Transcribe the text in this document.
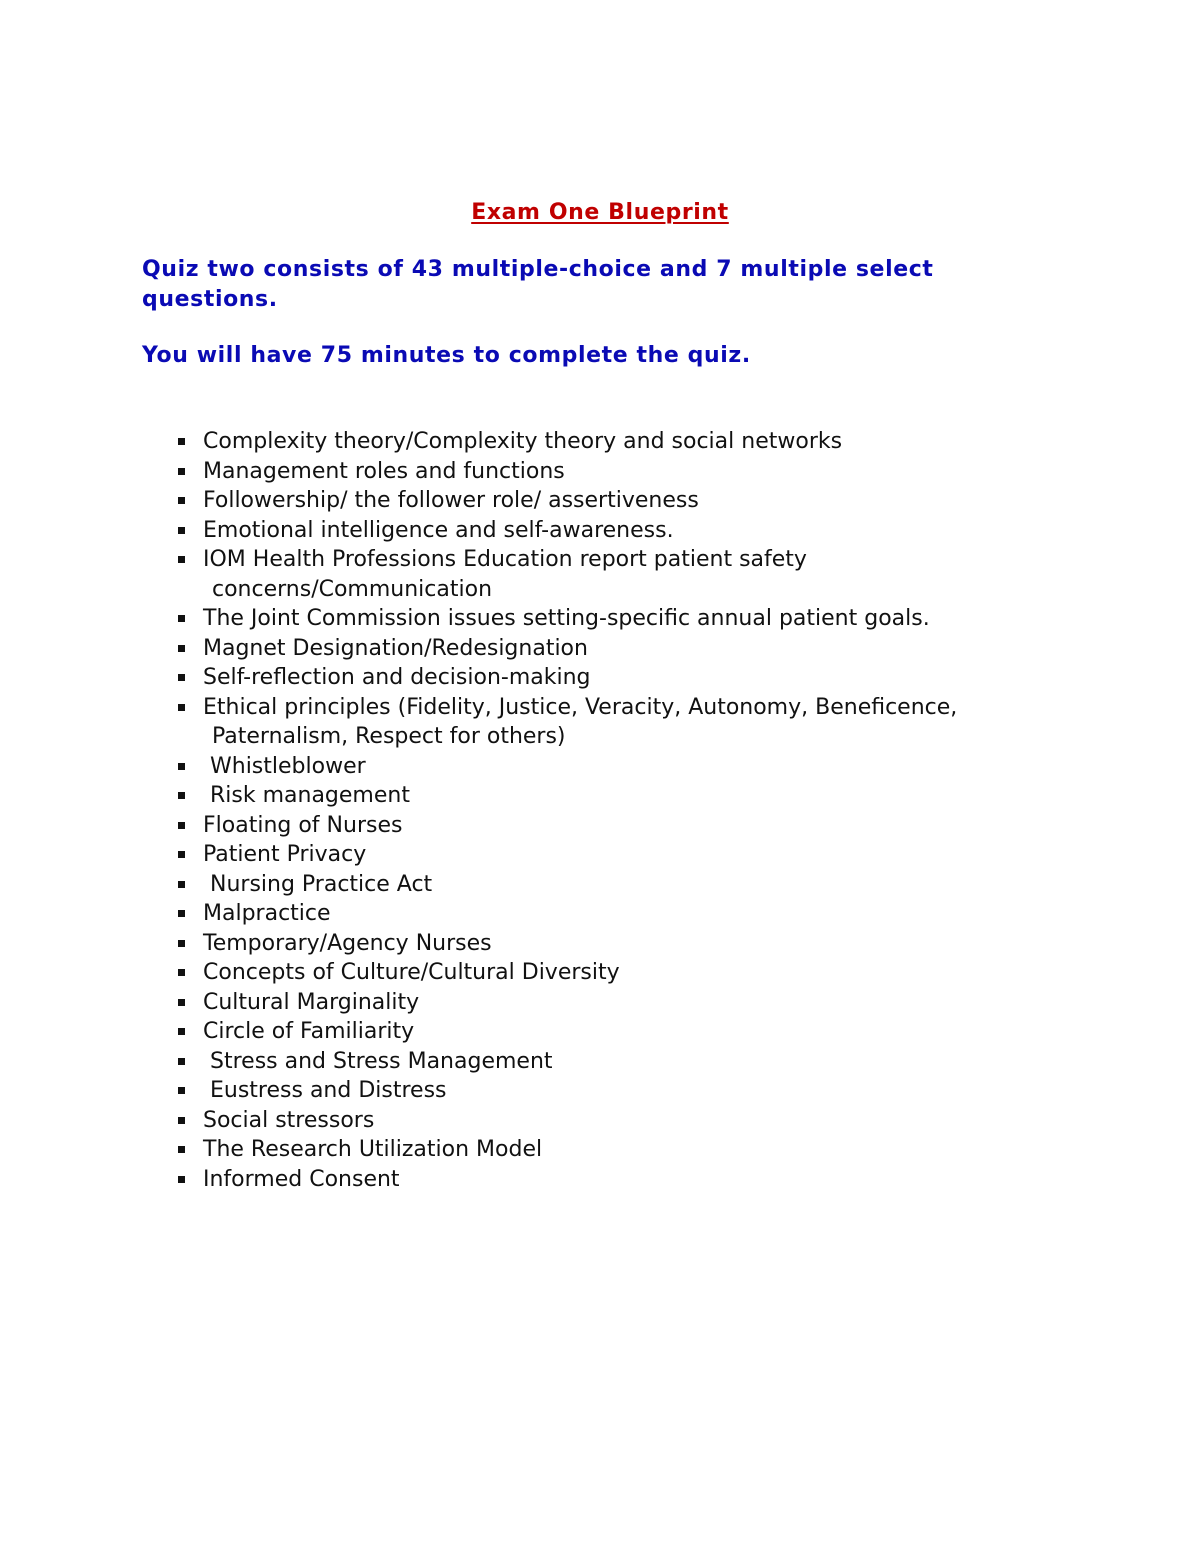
Exam One Blueprint

Quiz two consists of 43 multiple-choice and 7 multiple select questions.

You will have 75 minutes to complete the quiz.

Complexity theory/Complexity theory and social networks
Management roles and functions
Followership/ the follower role/ assertiveness
Emotional intelligence and self-awareness.
IOM Health Professions Education report patient safety
concerns/Communication
The Joint Commission issues setting-specific annual patient goals.
Magnet Designation/Redesignation
Self-reflection and decision-making
Ethical principles (Fidelity, Justice, Veracity, Autonomy, Beneficence,
Paternalism, Respect for others)
Whistleblower
Risk management
Floating of Nurses
Patient Privacy
Nursing Practice Act
Malpractice
Temporary/Agency Nurses
Concepts of Culture/Cultural Diversity
Cultural Marginality
Circle of Familiarity
Stress and Stress Management
Eustress and Distress
Social stressors
The Research Utilization Model
Informed Consent
